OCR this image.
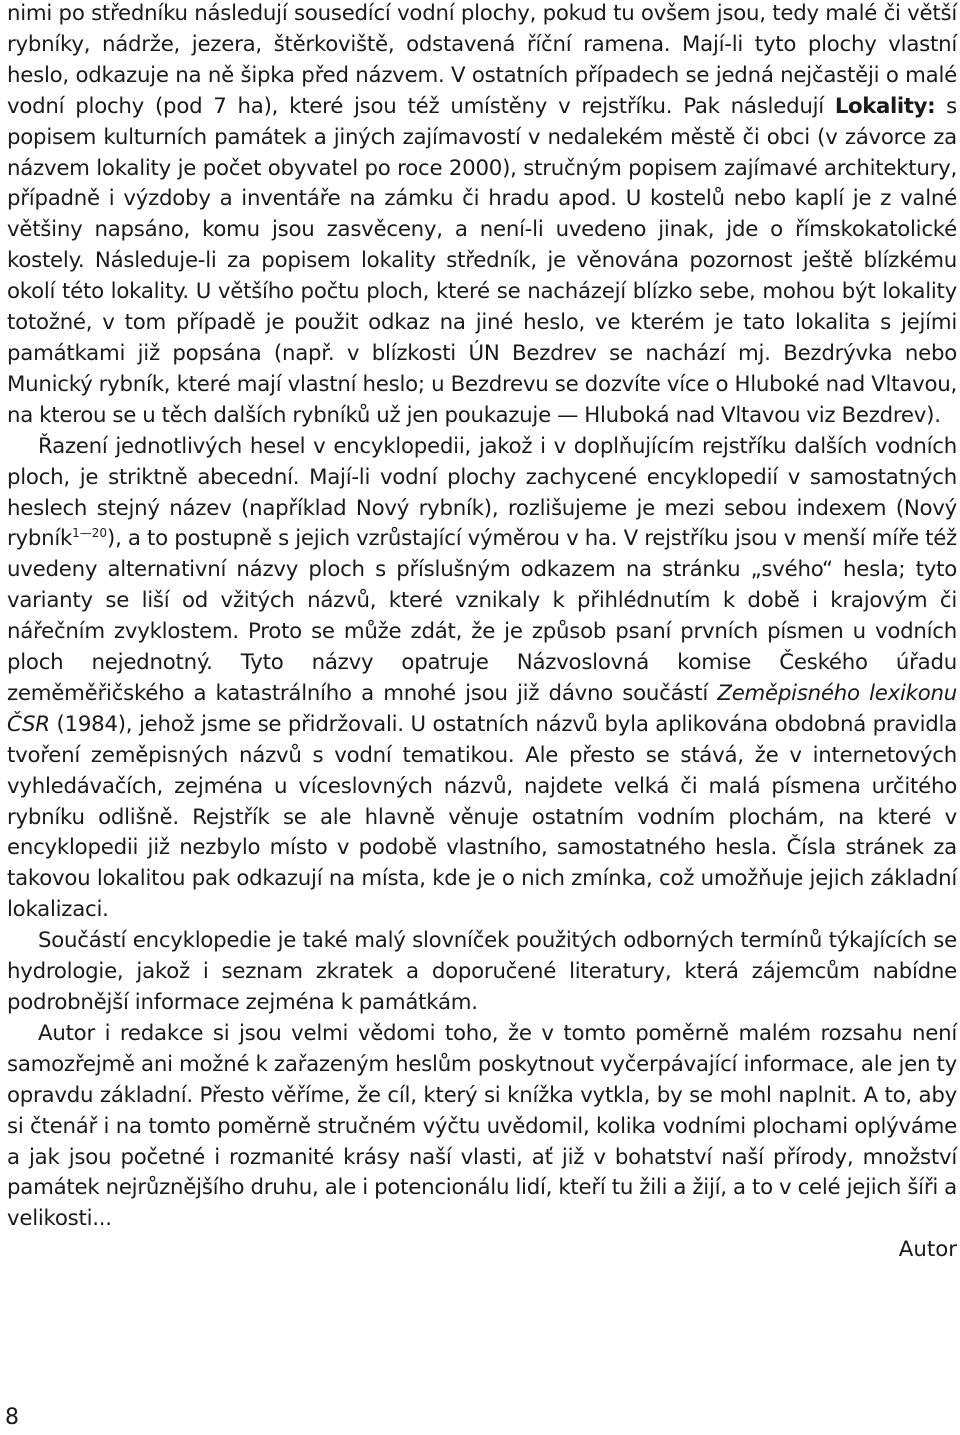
nimi po středníku následují sousedící vodní plochy, pokud tu ovšem jsou, tedy malé či větší rybníky, nádrže, jezera, štěrkoviště, odstavená říční ramena. Mají-li tyto plochy vlastní heslo, odkazuje na ně šipka před názvem. V ostatních případech se jedná nejčastěji o malé vodní plochy (pod 7 ha), které jsou též umístěny v rejstříku. Pak následují Lokality: s popisem kulturních památek a jiných zajímavostí v nedalekém městě či obci (v závorce za názvem lokality je počet obyvatel po roce 2000), stručným popisem zajímavé architektury, případně i výzdoby a inventáře na zámku či hradu apod. U kostelů nebo kaplí je z valné většiny napsáno, komu jsou zasvěceny, a není-li uvedeno jinak, jde o římskokatolické kostely. Následuje-li za popisem lokality středník, je věnována pozornost ještě blízkému okolí této lokality. U většího počtu ploch, které se nacházejí blízko sebe, mohou být lokality totožné, v tom případě je použit odkaz na jiné heslo, ve kterém je tato lokalita s jejími památkami již popsána (např. v blízkosti ÚN Bezdrev se nachází mj. Bezdrývka nebo Munický rybník, které mají vlastní heslo; u Bezdrevu se dozvíte více o Hluboké nad Vltavou, na kterou se u těch dalších rybníků už jen poukazuje — Hluboká nad Vltavou viz Bezdrev).

Řazení jednotlivých hesel v encyklopedii, jakož i v doplňujícím rejstříku dalších vodních ploch, je striktně abecední. Mají-li vodní plochy zachycené encyklopedií v samostatných heslech stejný název (například Nový rybník), rozlišujeme je mezi sebou indexem (Nový rybník$^{1—20}$), a to postupně s jejich vzrůstající výměrou v ha. V rejstříku jsou v menší míře též uvedeny alternativní názvy ploch s příslušným odkazem na stránku „svého“ hesla; tyto varianty se liší od vžitých názvů, které vznikaly k přihlédnutím k době i krajovým či nářečním zvyklostem. Proto se může zdát, že je způsob psaní prvních písmen u vodních ploch nejednotný. Tyto názvy opatruje Názvoslovná komise Českého úřadu zeměměřičského a katastrálního a mnohé jsou již dávno součástí Zeměpisného lexikonu ČSR (1984), jehož jsme se přidržovali. U ostatních názvů byla aplikována obdobná pravidla tvoření zeměpisných názvů s vodní tematikou. Ale přesto se stává, že v internetových vyhledávačích, zejména u víceslovných názvů, najdete velká či malá písmena určitého rybníku odlišně. Rejstřík se ale hlavně věnuje ostatním vodním plochám, na které v encyklopedii již nezbylo místo v podobě vlastního, samostatného hesla. Čísla stránek za takovou lokalitou pak odkazují na místa, kde je o nich zmínka, což umožňuje jejich základní lokalizaci.

Součástí encyklopedie je také malý slovníček použitých odborných termínů týkajících se hydrologie, jakož i seznam zkratek a doporučené literatury, která zájemcům nabídne podrobnější informace zejména k památkám.

Autor i redakce si jsou velmi vědomi toho, že v tomto poměrně malém rozsahu není samozřejmě ani možné k zařazeným heslům poskytnout vyčerpávající informace, ale jen ty opravdu základní. Přesto věříme, že cíl, který si knížka vytkla, by se mohl naplnit. A to, aby si čtenář i na tomto poměrně stručném výčtu uvědomil, kolika vodními plochami oplýváme a jak jsou početné i rozmanité krásy naší vlasti, ať již v bohatství naší přírody, množství památek nejrůznějšího druhu, ale i potencionálu lidí, kteří tu žili a žijí, a to v celé jejich šíři a velikosti...

Autor

8
